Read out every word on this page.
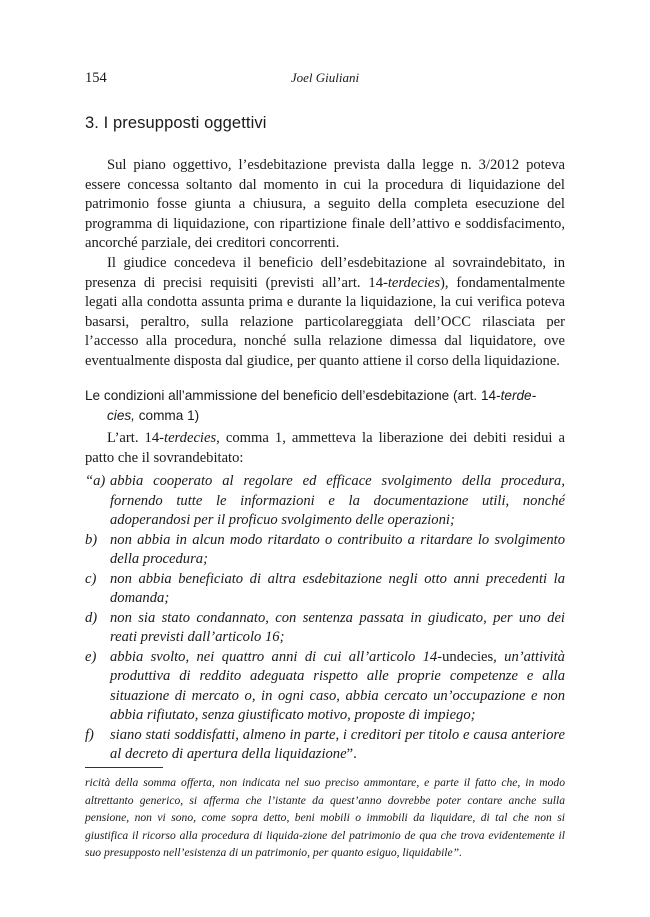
154	Joel Giuliani
3. I presupposti oggettivi

Sul piano oggettivo, l’esdebitazione prevista dalla legge n. 3/2012 poteva essere concessa soltanto dal momento in cui la procedura di liquidazione del patrimonio fosse giunta a chiusura, a seguito della completa esecuzione del programma di liquidazione, con ripartizione finale dell’attivo e soddisfacimento, ancorché parziale, dei creditori concorrenti.

Il giudice concedeva il beneficio dell’esdebitazione al sovraindebitato, in presenza di precisi requisiti (previsti all’art. 14-terdecies), fondamentalmente legati alla condotta assunta prima e durante la liquidazione, la cui verifica poteva basarsi, peraltro, sulla relazione particolareggiata dell’OCC rilasciata per l’accesso alla procedura, nonché sulla relazione dimessa dal liquidatore, ove eventualmente disposta dal giudice, per quanto attiene il corso della liquidazione.

Le condizioni all’ammissione del beneficio dell’esdebitazione (art. 14-terde-
cies, comma 1)

L’art. 14-terdecies, comma 1, ammetteva la liberazione dei debiti residui a patto che il sovrandebitato:

“a) abbia cooperato al regolare ed efficace svolgimento della procedura, fornendo tutte le informazioni e la documentazione utili, nonché adoperandosi per il proficuo svolgimento delle operazioni;
b) non abbia in alcun modo ritardato o contribuito a ritardare lo svolgimento della procedura;
c) non abbia beneficiato di altra esdebitazione negli otto anni precedenti la domanda;
d) non sia stato condannato, con sentenza passata in giudicato, per uno dei reati previsti dall’articolo 16;
e) abbia svolto, nei quattro anni di cui all’articolo 14-undecies, un’attività produttiva di reddito adeguata rispetto alle proprie competenze e alla situazione di mercato o, in ogni caso, abbia cercato un’occupazione e non abbia rifiutato, senza giustificato motivo, proposte di impiego;
f) siano stati soddisfatti, almeno in parte, i creditori per titolo e causa anteriore al decreto di apertura della liquidazione”.
ricità della somma offerta, non indicata nel suo preciso ammontare, e parte il fatto che, in modo altrettanto generico, si afferma che l’istante da quest’anno dovrebbe poter contare anche sulla pensione, non vi sono, come sopra detto, beni mobili o immobili da liquidare, di tal che non si giustifica il ricorso alla procedura di liquida-zione del patrimonio de qua che trova evidentemente il suo presupposto nell’esistenza di un patrimonio, per quanto esiguo, liquidabile”.
